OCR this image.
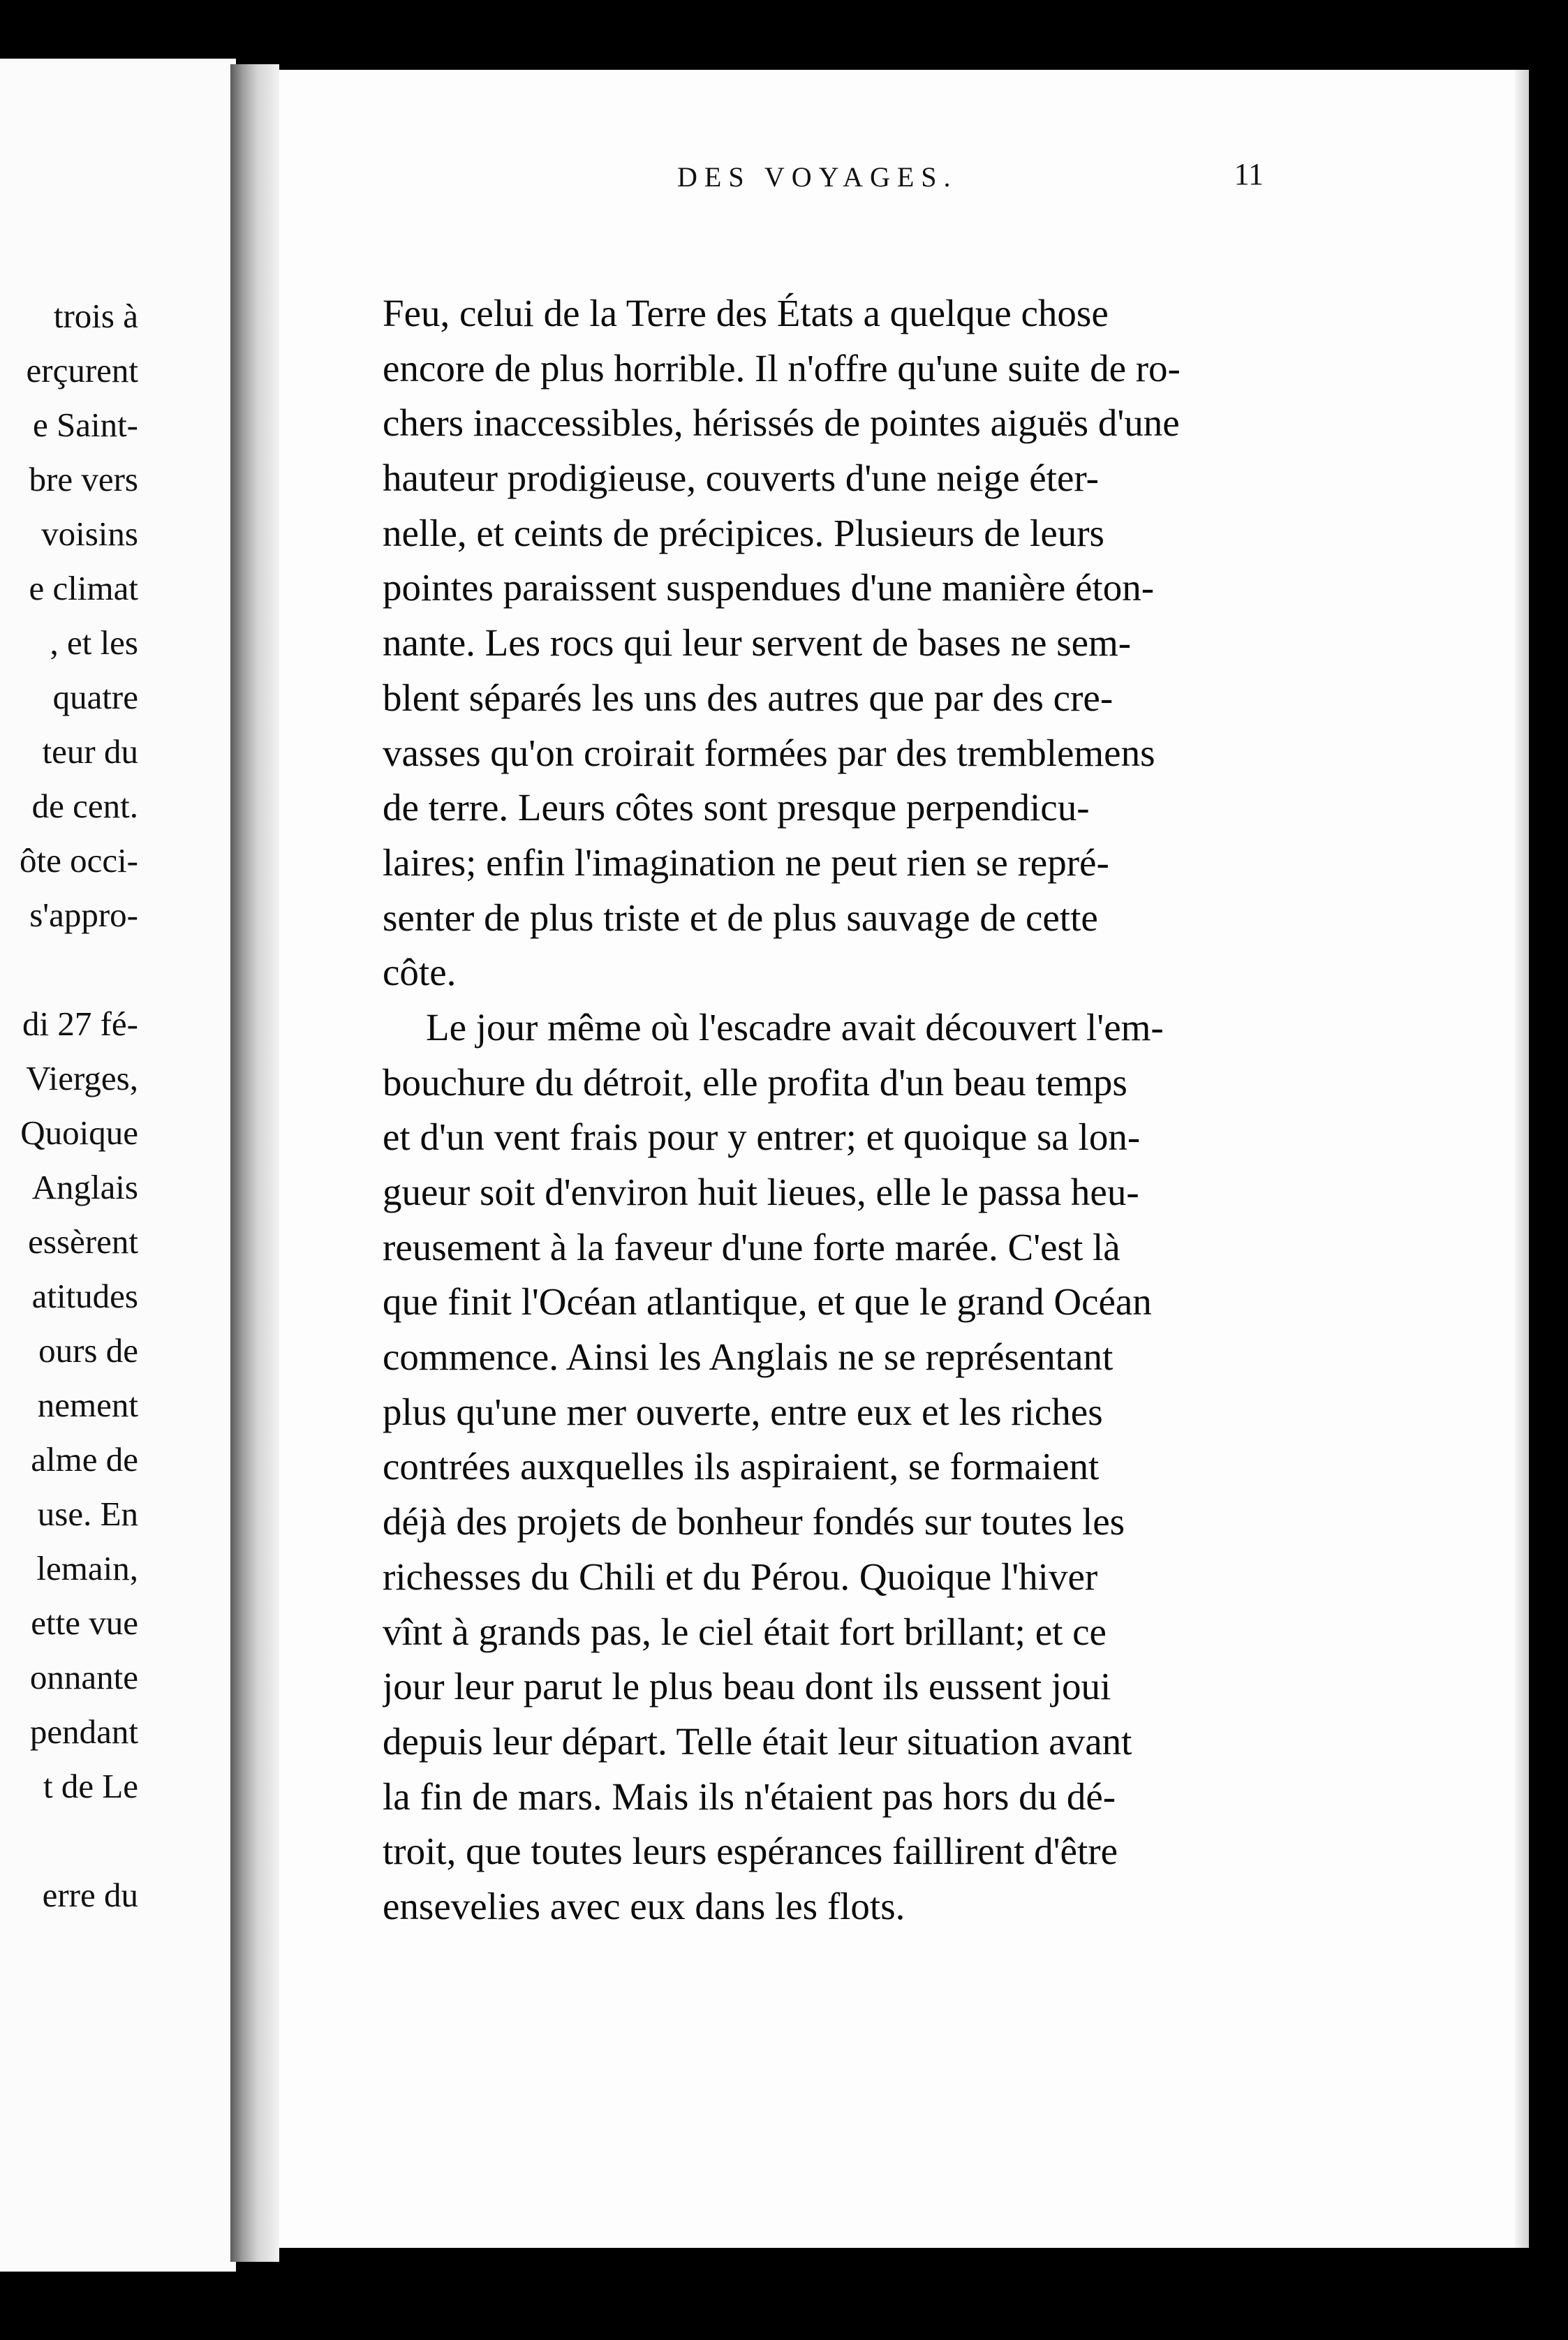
trois à
erçurent
e Saint-
bre vers
voisins
e climat
, et les
quatre
teur du
de cent.
ôte occi-
s'appro-
di 27 fé-
Vierges,
Quoique
Anglais
essèrent
atitudes
ours de
nement
alme de
use. En
lemain,
ette vue
onnante
pendant
t de Le
erre du
DES VOYAGES.	11
Feu, celui de la Terre des États a quelque chose
encore de plus horrible. Il n'offre qu'une suite de ro-
chers inaccessibles, hérissés de pointes aiguës d'une
hauteur prodigieuse, couverts d'une neige éter-
nelle, et ceints de précipices. Plusieurs de leurs
pointes paraissent suspendues d'une manière éton-
nante. Les rocs qui leur servent de bases ne sem-
blent séparés les uns des autres que par des cre-
vasses qu'on croirait formées par des tremblemens
de terre. Leurs côtes sont presque perpendicu-
laires; enfin l'imagination ne peut rien se repré-
senter de plus triste et de plus sauvage de cette
côte.
Le jour même où l'escadre avait découvert l'em-
bouchure du détroit, elle profita d'un beau temps
et d'un vent frais pour y entrer; et quoique sa lon-
gueur soit d'environ huit lieues, elle le passa heu-
reusement à la faveur d'une forte marée. C'est là
que finit l'Océan atlantique, et que le grand Océan
commence. Ainsi les Anglais ne se représentant
plus qu'une mer ouverte, entre eux et les riches
contrées auxquelles ils aspiraient, se formaient
déjà des projets de bonheur fondés sur toutes les
richesses du Chili et du Pérou. Quoique l'hiver
vînt à grands pas, le ciel était fort brillant; et ce
jour leur parut le plus beau dont ils eussent joui
depuis leur départ. Telle était leur situation avant
la fin de mars. Mais ils n'étaient pas hors du dé-
troit, que toutes leurs espérances faillirent d'être
ensevelies avec eux dans les flots.
